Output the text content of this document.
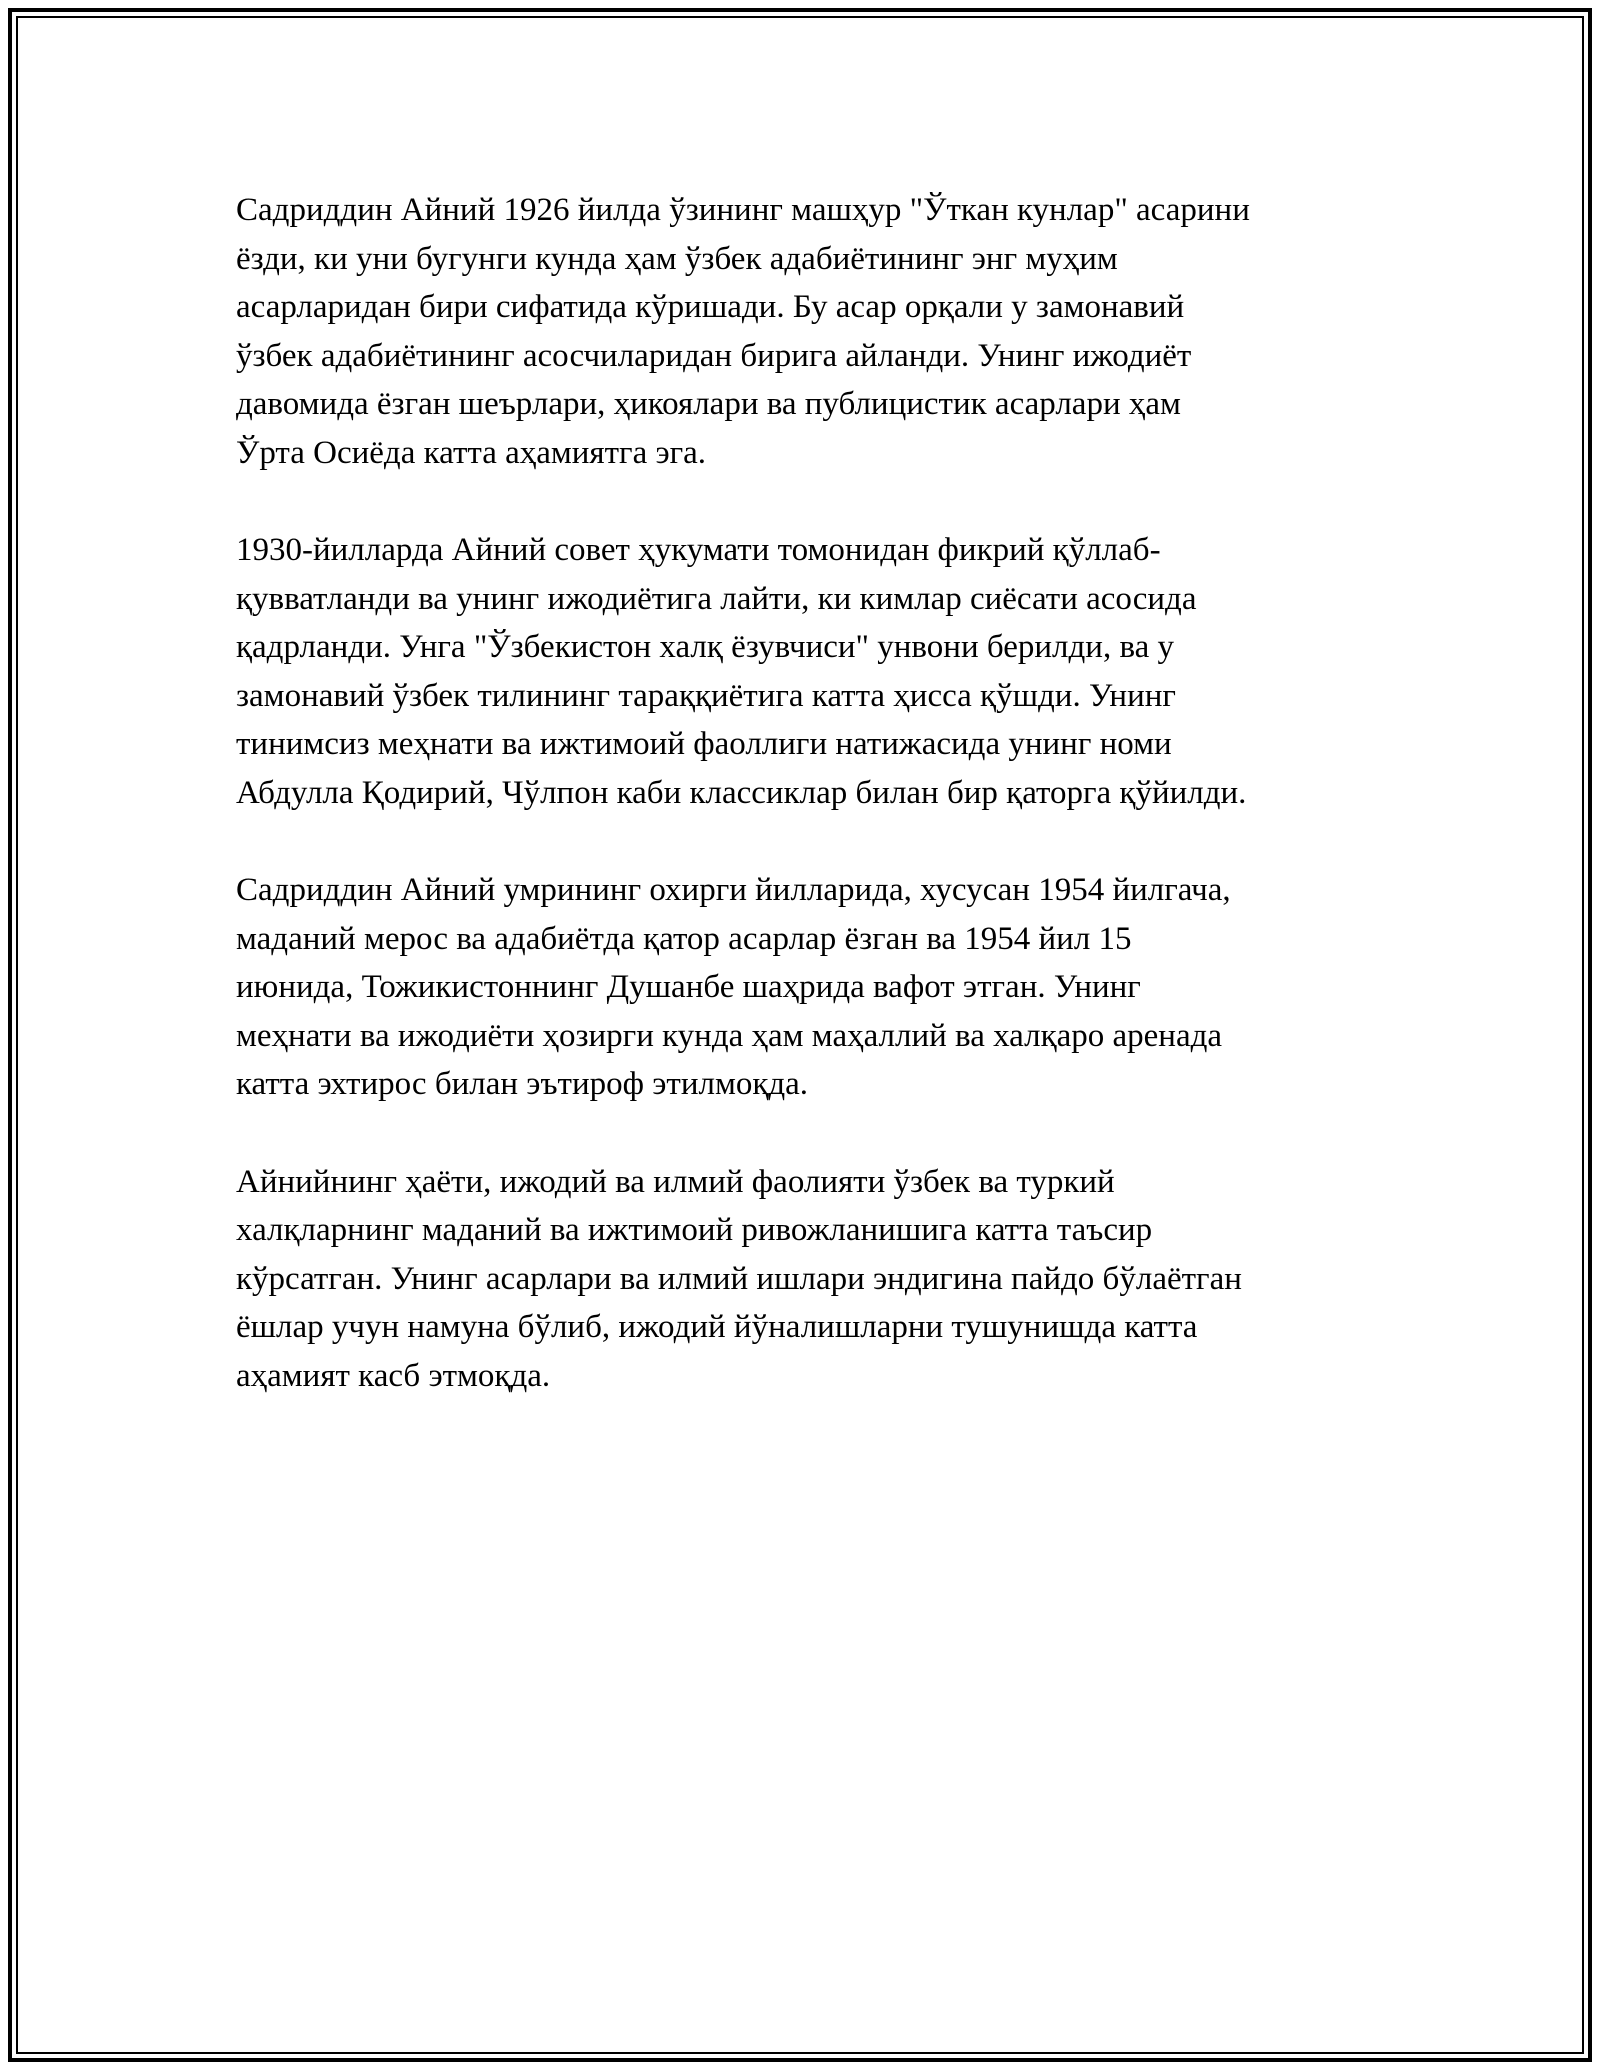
Садриддин Айний 1926 йилда ўзининг машҳур "Ўткан кунлар" асарини
ёзди, ки уни бугунги кунда ҳам ўзбек адабиётининг энг муҳим
асарларидан бири сифатида кўришади. Бу асар орқали у замонавий
ўзбек адабиётининг асосчиларидан бирига айланди. Унинг ижодиёт
давомида ёзган шеърлари, ҳикоялари ва публицистик асарлари ҳам
Ўрта Осиёда катта аҳамиятга эга.
1930-йилларда Айний совет ҳукумати томонидан фикрий қўллаб-
қувватланди ва унинг ижодиётига лайти, ки кимлар сиёсати асосида
қадрланди. Унга "Ўзбекистон халқ ёзувчиси" унвони берилди, ва у
замонавий ўзбек тилининг тараққиётига катта ҳисса қўшди. Унинг
тинимсиз меҳнати ва ижтимоий фаоллиги натижасида унинг номи
Абдулла Қодирий, Чўлпон каби классиклар билан бир қаторга қўйилди.
Садриддин Айний умрининг охирги йилларида, хусусан 1954 йилгача,
маданий мерос ва адабиётда қатор асарлар ёзган ва 1954 йил 15
июнида, Тожикистоннинг Душанбе шаҳрида вафот этган. Унинг
меҳнати ва ижодиёти ҳозирги кунда ҳам маҳаллий ва халқаро аренада
катта эхтирос билан эътироф этилмоқда.
Айнийнинг ҳаёти, ижодий ва илмий фаолияти ўзбек ва туркий
халқларнинг маданий ва ижтимоий ривожланишига катта таъсир
кўрсатган. Унинг асарлари ва илмий ишлари эндигина пайдо бўлаётган
ёшлар учун намуна бўлиб, ижодий йўналишларни тушунишда катта
аҳамият касб этмоқда.
